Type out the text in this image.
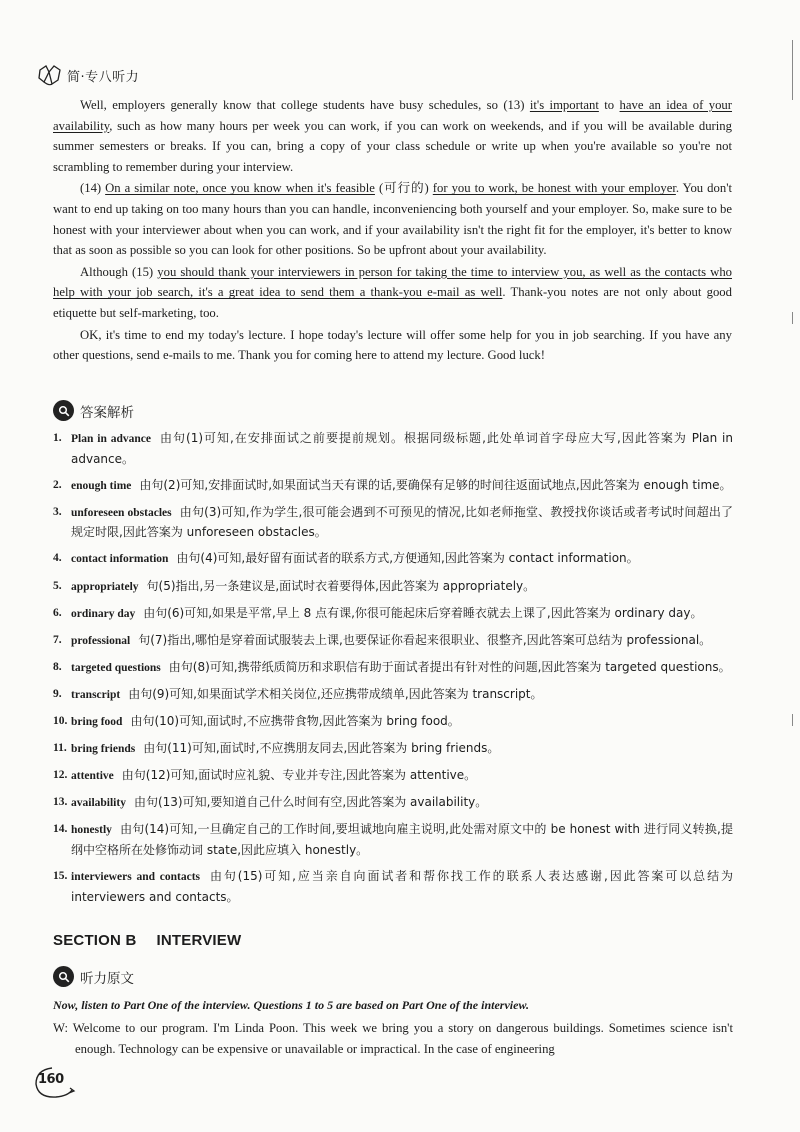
简·专八听力

Well, employers generally know that college students have busy schedules, so (13) it's important to have an idea of your availability, such as how many hours per week you can work, if you can work on weekends, and if you will be available during summer semesters or breaks. If you can, bring a copy of your class schedule or write up when you're available so you're not scrambling to remember during your interview.

(14) On a similar note, once you know when it's feasible (可行的) for you to work, be honest with your employer. You don't want to end up taking on too many hours than you can handle, inconveniencing both yourself and your employer. So, make sure to be honest with your interviewer about when you can work, and if your availability isn't the right fit for the employer, it's better to know that as soon as possible so you can look for other positions. So be upfront about your availability.

Although (15) you should thank your interviewers in person for taking the time to interview you, as well as the contacts who help with your job search, it's a great idea to send them a thank-you e-mail as well. Thank-you notes are not only about good etiquette but self-marketing, too.

OK, it's time to end my today's lecture. I hope today's lecture will offer some help for you in job searching. If you have any other questions, send e-mails to me. Thank you for coming here to attend my lecture. Good luck!

答案解析
1. Plan in advance 由句(1)可知,在安排面试之前要提前规划。根据同级标题,此处单词首字母应大写,因此答案为 Plan in advance。
2. enough time 由句(2)可知,安排面试时,如果面试当天有课的话,要确保有足够的时间往返面试地点,因此答案为 enough time。
3. unforeseen obstacles 由句(3)可知,作为学生,很可能会遇到不可预见的情况,比如老师拖堂、教授找你谈话或者考试时间超出了规定时限,因此答案为 unforeseen obstacles。
4. contact information 由句(4)可知,最好留有面试者的联系方式,方便通知,因此答案为 contact information。
5. appropriately 句(5)指出,另一条建议是,面试时衣着要得体,因此答案为 appropriately。
6. ordinary day 由句(6)可知,如果是平常,早上 8 点有课,你很可能起床后穿着睡衣就去上课了,因此答案为 ordinary day。
7. professional 句(7)指出,哪怕是穿着面试服装去上课,也要保证你看起来很职业、很整齐,因此答案可总结为 professional。
8. targeted questions 由句(8)可知,携带纸质简历和求职信有助于面试者提出有针对性的问题,因此答案为 targeted questions。
9. transcript 由句(9)可知,如果面试学术相关岗位,还应携带成绩单,因此答案为 transcript。
10. bring food 由句(10)可知,面试时,不应携带食物,因此答案为 bring food。
11. bring friends 由句(11)可知,面试时,不应携朋友同去,因此答案为 bring friends。
12. attentive 由句(12)可知,面试时应礼貌、专业并专注,因此答案为 attentive。
13. availability 由句(13)可知,要知道自己什么时间有空,因此答案为 availability。
14. honestly 由句(14)可知,一旦确定自己的工作时间,要坦诚地向雇主说明,此处需对原文中的 be honest with 进行同义转换,提纲中空格所在处修饰动词 state,因此应填入 honestly。
15. interviewers and contacts 由句(15)可知,应当亲自向面试者和帮你找工作的联系人表达感谢,因此答案可以总结为 interviewers and contacts。
SECTION B INTERVIEW
听力原文
Now, listen to Part One of the interview. Questions 1 to 5 are based on Part One of the interview.
W: Welcome to our program. I'm Linda Poon. This week we bring you a story on dangerous buildings. Sometimes science isn't enough. Technology can be expensive or unavailable or impractical. In the case of engineering
160
